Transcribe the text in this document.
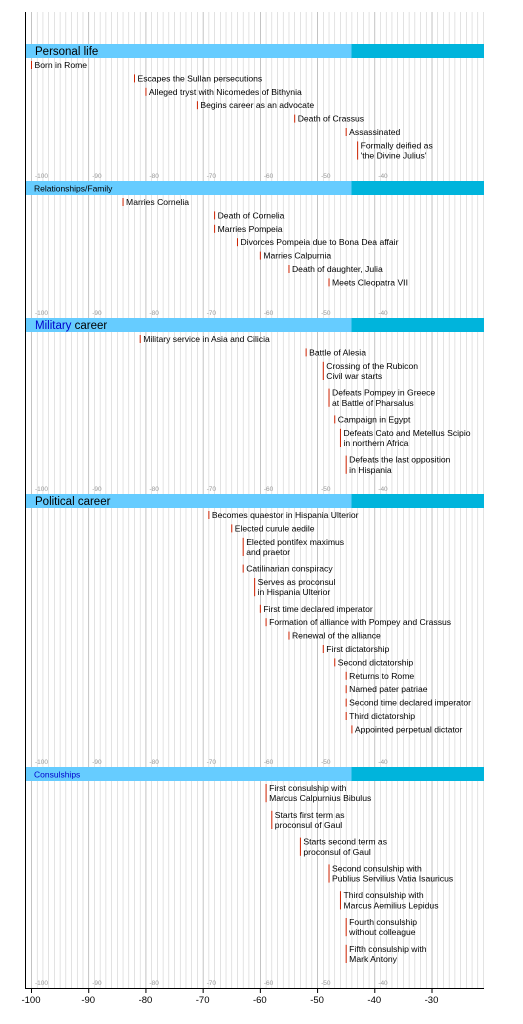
Personal life
Born in Rome
Escapes the Sullan persecutions
Alleged tryst with Nicomedes of Bithynia
Begins career as an advocate
Death of Crassus
Assassinated
Formally deified as
'the Divine Julius'
-100	-90	-80	-70	-60	-50	-40
Relationships/Family
Marries Cornelia
Death of Cornelia
Marries Pompeia
Divorces Pompeia due to Bona Dea affair
Marries Calpurnia
Death of daughter, Julia
Meets Cleopatra VII
-100	-90	-80	-70	-60	-50	-40
Military career
Military service in Asia and Cilicia
Battle of Alesia
Crossing of the Rubicon
Civil war starts
Defeats Pompey in Greece
at Battle of Pharsalus
Campaign in Egypt
Defeats Cato and Metellus Scipio
in northern Africa
Defeats the last opposition
in Hispania
-100	-90	-80	-70	-60	-50	-40
Political career
Becomes quaestor in Hispania Ulterior
Elected curule aedile
Elected pontifex maximus
and praetor
Catilinarian conspiracy
Serves as proconsul
in Hispania Ulterior
First time declared imperator
Formation of alliance with Pompey and Crassus
Renewal of the alliance
First dictatorship
Second dictatorship
Returns to Rome
Named pater patriae
Second time declared imperator
Third dictatorship
Appointed perpetual dictator
-100	-90	-80	-70	-60	-50	-40
Consulships
First consulship with
Marcus Calpurnius Bibulus
Starts first term as
proconsul of Gaul
Starts second term as
proconsul of Gaul
Second consulship with
Publius Servilius Vatia Isauricus
Third consulship with
Marcus Aemilius Lepidus
Fourth consulship
without colleague
Fifth consulship with
Mark Antony
-100	-90	-80	-70	-60	-50	-40
-100	-90	-80	-70	-60	-50	-40	-30
